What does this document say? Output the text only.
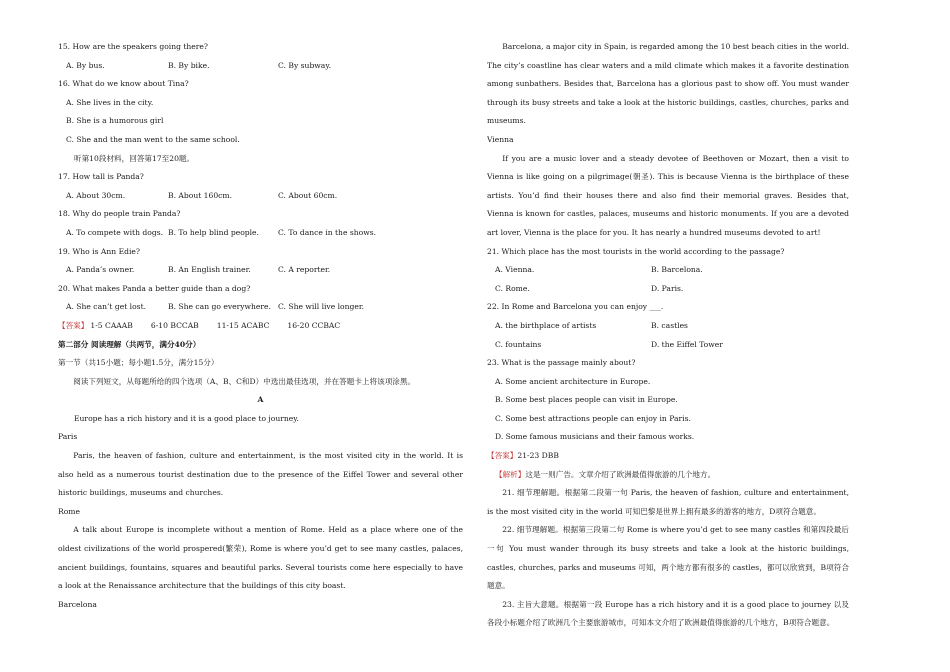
15. How are the speakers going there?
A. By bus.	B. By bike.	C. By subway.
16. What do we know about Tina?
A. She lives in the city.
B. She is a humorous girl
C. She and the man went to the same school.
听第10段材料，回答第17至20题。
17. How tall is Panda?
A. About 30cm.	B. About 160cm.	C. About 60cm.
18. Why do people train Panda?
A. To compete with dogs. B. To help blind people.	C. To dance in the shows.
19. Who is Ann Edie?
A. Panda’s owner.	B. An English trainer.	C. A reporter.
20. What makes Panda a better guide than a dog?
A. She can’t get lost.	B. She can go everywhere. C. She will live longer.
【答案】 1-5 CAAAB 6-10 BCCAB 11-15 ACABC 16-20 CCBAC
第二部分 阅读理解（共两节，满分40分）
第一节（共15小题；每小题1.5分，满分15分）
阅读下列短文，从每题所给的四个选项（A、B、C和D）中选出最佳选项，并在答题卡上将该项涂黑。
A
Europe has a rich history and it is a good place to journey.
Paris
Paris, the heaven of fashion, culture and entertainment, is the most visited city in the world. It is also held as a numerous tourist destination due to the presence of the Eiffel Tower and several other historic buildings, museums and churches.
Rome
A talk about Europe is incomplete without a mention of Rome. Held as a place where one of the oldest civilizations of the world prospered(繁荣), Rome is where you’d get to see many castles, palaces, ancient buildings, fountains, squares and beautiful parks. Several tourists come here especially to have a look at the Renaissance architecture that the buildings of this city boast.
Barcelona
Barcelona, a major city in Spain, is regarded among the 10 best beach cities in the world. The city’s coastline has clear waters and a mild climate which makes it a favorite destination among sunbathers. Besides that, Barcelona has a glorious past to show off. You must wander through its busy streets and take a look at the historic buildings, castles, churches, parks and museums.
Vienna
If you are a music lover and a steady devotee of Beethoven or Mozart, then a visit to Vienna is like going on a pilgrimage(朝圣). This is because Vienna is the birthplace of these artists. You’d find their houses there and also find their memorial graves. Besides that, Vienna is known for castles, palaces, museums and historic monuments. If you are a devoted art lover, Vienna is the place for you. It has nearly a hundred museums devoted to art!
21. Which place has the most tourists in the world according to the passage?
A. Vienna.	B. Barcelona.
C. Rome.	D. Paris.
22. In Rome and Barcelona you can enjoy ___.
A. the birthplace of artists	B. castles
C. fountains	D. the Eiffel Tower
23. What is the passage mainly about?
A. Some ancient architecture in Europe.
B. Some best places people can visit in Europe.
C. Some best attractions people can enjoy in Paris.
D. Some famous musicians and their famous works.
【答案】21-23 DBB
【解析】这是一则广告。文章介绍了欧洲最值得旅游的几个地方。
21. 细节理解题。根据第二段第一句 Paris, the heaven of fashion, culture and entertainment, is the most visited city in the world 可知巴黎是世界上拥有最多的游客的地方，D项符合题意。
22. 细节理解题。根据第三段第二句 Rome is where you’d get to see many castles 和第四段最后一句 You must wander through its busy streets and take a look at the historic buildings, castles, churches, parks and museums 可知，两个地方都有很多的 castles，都可以欣赏到，B项符合题意。
23. 主旨大意题。根据第一段 Europe has a rich history and it is a good place to journey 以及各段小标题介绍了欧洲几个主要旅游城市，可知本文介绍了欧洲最值得旅游的几个地方，B项符合题意。
